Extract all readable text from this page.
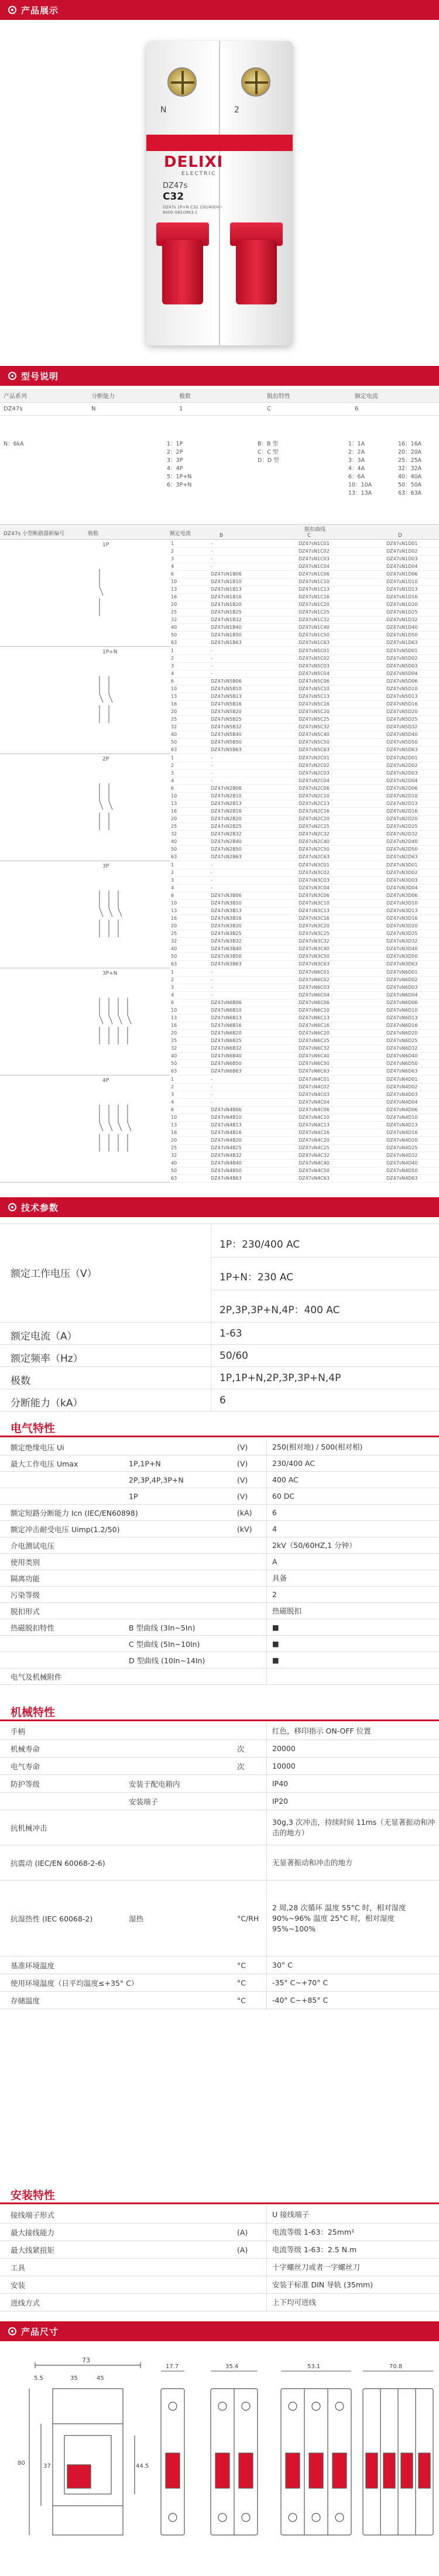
产品展示
N	2
DELIXI
ELECTRIC
DZ47s
C32
DZ47s 1P+N C32 230/400V~ 6000 GB10963.1
型号说明
产品系列	分断能力	极数	脱扣特性	额定电流
DZ47s	N	1	C	6
N：6kA	1：1P
2：2P
3：3P
4：4P
5：1P+N
6：3P+N
B：B 型
C：C 型
D：D 型
1：1A
2：2A
3：3A
4：4A
6：6A
10：10A
13：13A
16：16A
20：20A
25：25A
32：32A
40：40A
50：50A
63：63A
DZ47s 小型断路器新编号	极数	额定电流
脱扣曲线
B	C	D
1P	1	-	DZ47sN1C01	DZ47sN1D01
2	-	DZ47sN1C02	DZ47sN1D02
3	-	DZ47sN1C03	DZ47sN1D03
4	-	DZ47sN1C04	DZ47sN1D04
6	DZ47sN1B06	DZ47sN1C06	DZ47sN1D06
10	DZ47sN1B10	DZ47sN1C10	DZ47sN1D10
13	DZ47sN1B13	DZ47sN1C13	DZ47sN1D13
16	DZ47sN1B16	DZ47sN1C16	DZ47sN1D16
20	DZ47sN1B20	DZ47sN1C20	DZ47sN1D20
25	DZ47sN1B25	DZ47sN1C25	DZ47sN1D25
32	DZ47sN1B32	DZ47sN1C32	DZ47sN1D32
40	DZ47sN1B40	DZ47sN1C40	DZ47sN1D40
50	DZ47sN1B50	DZ47sN1C50	DZ47sN1D50
63	DZ47sN1B63	DZ47sN1C63	DZ47sN1D63
1P+N	1	-	DZ47sN5C01	DZ47sN5D01
2	-	DZ47sN5C02	DZ47sN5D02
3	-	DZ47sN5C03	DZ47sN5D03
4	-	DZ47sN5C04	DZ47sN5D04
6	DZ47sN5B06	DZ47sN5C06	DZ47sN5D06
10	DZ47sN5B10	DZ47sN5C10	DZ47sN5D10
13	DZ47sN5B13	DZ47sN5C13	DZ47sN5D13
16	DZ47sN5B16	DZ47sN5C16	DZ47sN5D16
20	DZ47sN5B20	DZ47sN5C20	DZ47sN5D20
25	DZ47sN5B25	DZ47sN5C25	DZ47sN5D25
32	DZ47sN5B32	DZ47sN5C32	DZ47sN5D32
40	DZ47sN5B40	DZ47sN5C40	DZ47sN5D40
50	DZ47sN5B50	DZ47sN5C50	DZ47sN5D50
63	DZ47sN5B63	DZ47sN5C63	DZ47sN5D63
2P	1	-	DZ47sN2C01	DZ47sN2D01
2	-	DZ47sN2C02	DZ47sN2D02
3	-	DZ47sN2C03	DZ47sN2D03
4	-	DZ47sN2C04	DZ47sN2D04
6	DZ47sN2B06	DZ47sN2C06	DZ47sN2D06
10	DZ47sN2B10	DZ47sN2C10	DZ47sN2D10
13	DZ47sN2B13	DZ47sN2C13	DZ47sN2D13
16	DZ47sN2B16	DZ47sN2C16	DZ47sN2D16
20	DZ47sN2B20	DZ47sN2C20	DZ47sN2D20
25	DZ47sN2B25	DZ47sN2C25	DZ47sN2D25
32	DZ47sN2B32	DZ47sN2C32	DZ47sN2D32
40	DZ47sN2B40	DZ47sN2C40	DZ47sN2D40
50	DZ47sN2B50	DZ47sN2C50	DZ47sN2D50
63	DZ47sN2B63	DZ47sN2C63	DZ47sN2D63
3P	1	-	DZ47sN3C01	DZ47sN3D01
2	-	DZ47sN3C02	DZ47sN3D02
3	-	DZ47sN3C03	DZ47sN3D03
4	-	DZ47sN3C04	DZ47sN3D04
6	DZ47sN3B06	DZ47sN3C06	DZ47sN3D06
10	DZ47sN3B10	DZ47sN3C10	DZ47sN3D10
13	DZ47sN3B13	DZ47sN3C13	DZ47sN3D13
16	DZ47sN3B16	DZ47sN3C16	DZ47sN3D16
20	DZ47sN3B20	DZ47sN3C20	DZ47sN3D20
25	DZ47sN3B25	DZ47sN3C25	DZ47sN3D25
32	DZ47sN3B32	DZ47sN3C32	DZ47sN3D32
40	DZ47sN3B40	DZ47sN3C40	DZ47sN3D40
50	DZ47sN3B50	DZ47sN3C50	DZ47sN3D50
63	DZ47sN3B63	DZ47sN3C63	DZ47sN3D63
3P+N	1	-	DZ47sN6C01	DZ47sN6D01
2	-	DZ47sN6C02	DZ47sN6D02
3	-	DZ47sN6C03	DZ47sN6D03
4	-	DZ47sN6C04	DZ47sN6D04
6	DZ47sN6B06	DZ47sN6C06	DZ47sN6D06
10	DZ47sN6B10	DZ47sN6C10	DZ47sN6D10
13	DZ47sN6B13	DZ47sN6C13	DZ47sN6D13
16	DZ47sN6B16	DZ47sN6C16	DZ47sN6D16
20	DZ47sN6B20	DZ47sN6C20	DZ47sN6D20
25	DZ47sN6B25	DZ47sN6C25	DZ47sN6D25
32	DZ47sN6B32	DZ47sN6C32	DZ47sN6D32
40	DZ47sN6B40	DZ47sN6C40	DZ47sN6D40
50	DZ47sN6B50	DZ47sN6C50	DZ47sN6D50
63	DZ47sN6B63	DZ47sN6C63	DZ47sN6D63
4P	1	-	DZ47sN4C01	DZ47sN4D01
2	-	DZ47sN4C02	DZ47sN4D02
3	-	DZ47sN4C03	DZ47sN4D03
4	-	DZ47sN4C04	DZ47sN4D04
6	DZ47sN4B06	DZ47sN4C06	DZ47sN4D06
10	DZ47sN4B10	DZ47sN4C10	DZ47sN4D10
13	DZ47sN4B13	DZ47sN4C13	DZ47sN4D13
16	DZ47sN4B16	DZ47sN4C16	DZ47sN4D16
20	DZ47sN4B20	DZ47sN4C20	DZ47sN4D20
25	DZ47sN4B25	DZ47sN4C25	DZ47sN4D25
32	DZ47sN4B32	DZ47sN4C32	DZ47sN4D32
40	DZ47sN4B40	DZ47sN4C40	DZ47sN4D40
50	DZ47sN4B50	DZ47sN4C50	DZ47sN4D50
63	DZ47sN4B63	DZ47sN4C63	DZ47sN4D63
技术参数
额定工作电压（V）
1P：230/400 AC
1P+N：230 AC
2P,3P,3P+N,4P：400 AC
额定电流（A）	1-63
额定频率（Hz）	50/60
极数	1P,1P+N,2P,3P,3P+N,4P
分断能力（kA）	6
电气特性
额定绝缘电压 Ui	(V)	250(相对地) / 500(相对相)
最大工作电压 Umax	1P,1P+N	(V)	230/400 AC
2P,3P,4P,3P+N	(V)	400 AC
1P	(V)	60 DC
额定短路分断能力 Icn (IEC/EN60898)	(kA)	6
额定冲击耐受电压 Uimp(1.2/50)	(kV)	4
介电测试电压	2kV（50/60HZ,1 分钟）
使用类别	A
隔离功能	具备
污染等级	2
脱扣形式	热磁脱扣
热磁脱扣特性	B 型曲线 (3In~5In)	■
C 型曲线 (5In~10In)	■
D 型曲线 (10In~14In)	■
电气及机械附件
机械特性
手柄	红色，移印指示 ON-OFF 位置
机械寿命	次	20000
电气寿命	次	10000
防护等级	安装于配电箱内	IP40
安装端子	IP20
抗机械冲击
30g,3 次冲击，持续时间 11ms（无显著振动和冲击的地方）
抗震动 (IEC/EN 60068-2-6)	无显著振动和冲击的地方
抗湿热性 (IEC 60068-2)	湿热	°C/RH
2 周,28 次循环 温度 55°C 时，相对湿度 90%~96% 温度 25°C 时，相对湿度 95%~100%
基准环境温度	°C	30° C
使用环境温度（日平均温度≤+35° C）	°C	-35° C~+70° C
存储温度	°C	-40° C~+85° C
安装特性
接线端子形式	U 接线端子
最大接线能力	(A)	电流等级 1-63：25mm²
最大线紧扭矩	(A)	电流等级 1-63：2.5 N.m
工具	十字螺丝刀或者一字螺丝刀
安装	安装于标准 DIN 导轨 (35mm)
进线方式	上下均可进线
产品尺寸
73
5.5	35	45
80	44.5
37
17.7	35.4	53.1	70.8
